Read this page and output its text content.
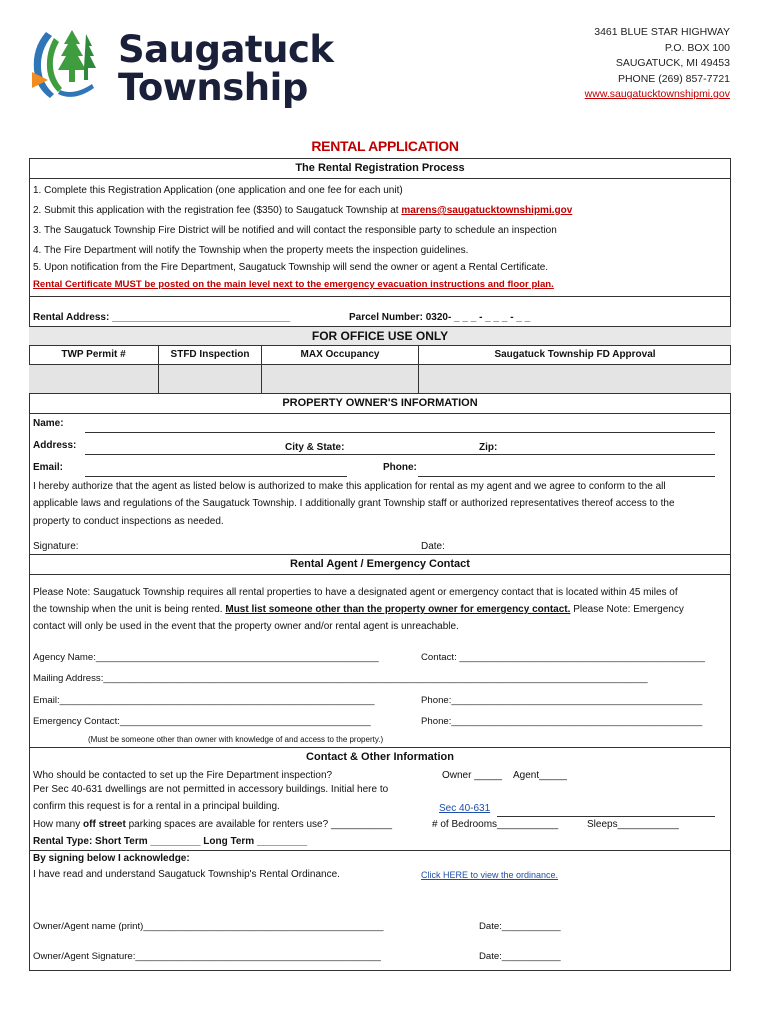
Saugatuck
Township
3461 BLUE STAR HIGHWAY
P.O. BOX 100
SAUGATUCK, MI 49453
PHONE (269) 857-7721
www.saugatucktownshipmi.gov
RENTAL APPLICATION
The Rental Registration Process
1. Complete this Registration Application (one application and one fee for each unit)
2. Submit this application with the registration fee ($350) to Saugatuck Township at marens@saugatucktownshipmi.gov
3. The Saugatuck Township Fire District will be notified and will contact the responsible party to schedule an inspection
4. The Fire Department will notify the Township when the property meets the inspection guidelines.
5. Upon notification from the Fire Department, Saugatuck Township will send the owner or agent a Rental Certificate.
Rental Certificate MUST be posted on the main level next to the emergency evacuation instructions and floor plan.
Rental Address: ________________________________	Parcel Number: 0320- _ _ _ - _ _ _ - _ _
FOR OFFICE USE ONLY
TWP Permit #	STFD Inspection	MAX Occupancy	Saugatuck Township FD Approval
PROPERTY OWNER'S INFORMATION
Name:
Address:	City & State:	Zip:
Email:	Phone:
I hereby authorize that the agent as listed below is authorized to make this application for rental as my agent and we agree to conform to the all
applicable laws and regulations of the Saugatuck Township. I additionally grant Township staff or authorized representatives thereof access to the
property to conduct inspections as needed.
Signature:	Date:
Rental Agent / Emergency Contact
Please Note: Saugatuck Township requires all rental properties to have a designated agent or emergency contact that is located within 45 miles of
the township when the unit is being rented. Must list someone other than the property owner for emergency contact. Please Note: Emergency
contact will only be used in the event that the property owner and/or rental agent is unreachable.
Agency Name:_____________________________________________________	Contact: ______________________________________________
Mailing Address:______________________________________________________________________________________________________
Email:___________________________________________________________	Phone:_______________________________________________
Emergency Contact:_______________________________________________	Phone:_______________________________________________
(Must be someone other than owner with knowledge of and access to the property.)
Contact & Other Information
Who should be contacted to set up the Fire Department inspection?	Owner _____ Agent_____
Per Sec 40-631 dwellings are not permitted in accessory buildings. Initial here to
confirm this request is for a rental in a principal building.	Sec 40-631
How many off street parking spaces are available for renters use? ___________	# of Bedrooms___________	Sleeps___________
Rental Type: Short Term _________ Long Term _________
By signing below I acknowledge:
I have read and understand Saugatuck Township's Rental Ordinance.	Click HERE to view the ordinance.
Owner/Agent name (print)_____________________________________________	Date:___________
Owner/Agent Signature:______________________________________________	Date:___________
